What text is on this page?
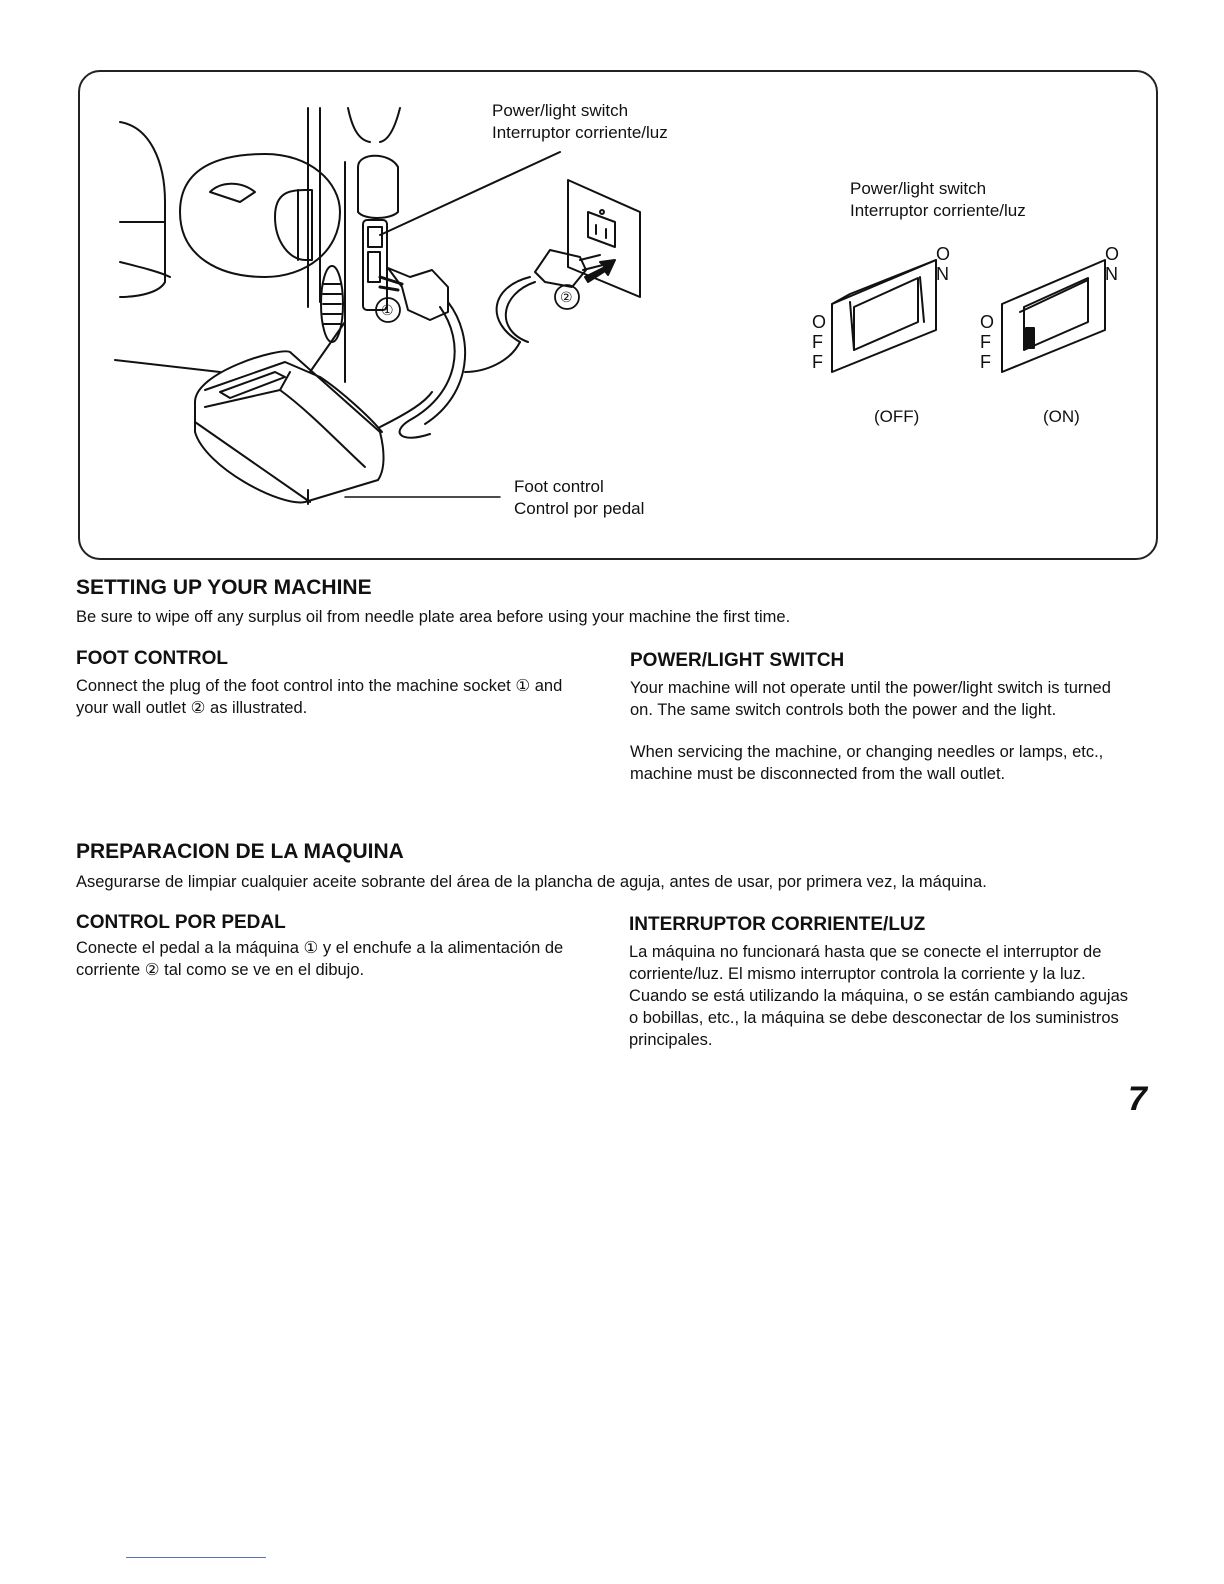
Power/light switch
Interruptor corriente/luz
Power/light switch
Interruptor corriente/luz
Foot control
Control por pedal
①
②
ON
OFF
ON
OFF
(OFF)	(ON)
SETTING UP YOUR MACHINE

Be sure to wipe off any surplus oil from needle plate area before using your machine the first time.

FOOT CONTROL
Connect the plug of the foot control into the machine socket ① and
your wall outlet ② as illustrated.
POWER/LIGHT SWITCH
Your machine will not operate until the power/light switch is turned
on. The same switch controls both the power and the light.
When servicing the machine, or changing needles or lamps, etc.,
machine must be disconnected from the wall outlet.
PREPARACION DE LA MAQUINA

Asegurarse de limpiar cualquier aceite sobrante del área de la plancha de aguja, antes de usar, por primera vez, la máquina.

CONTROL POR PEDAL
Conecte el pedal a la máquina ① y el enchufe a la alimentación de
corriente ② tal como se ve en el dibujo.
INTERRUPTOR CORRIENTE/LUZ
La máquina no funcionará hasta que se conecte el interruptor de
corriente/luz. El mismo interruptor controla la corriente y la luz.
Cuando se está utilizando la máquina, o se están cambiando agujas
o bobillas, etc., la máquina se debe desconectar de los suministros
principales.
7
